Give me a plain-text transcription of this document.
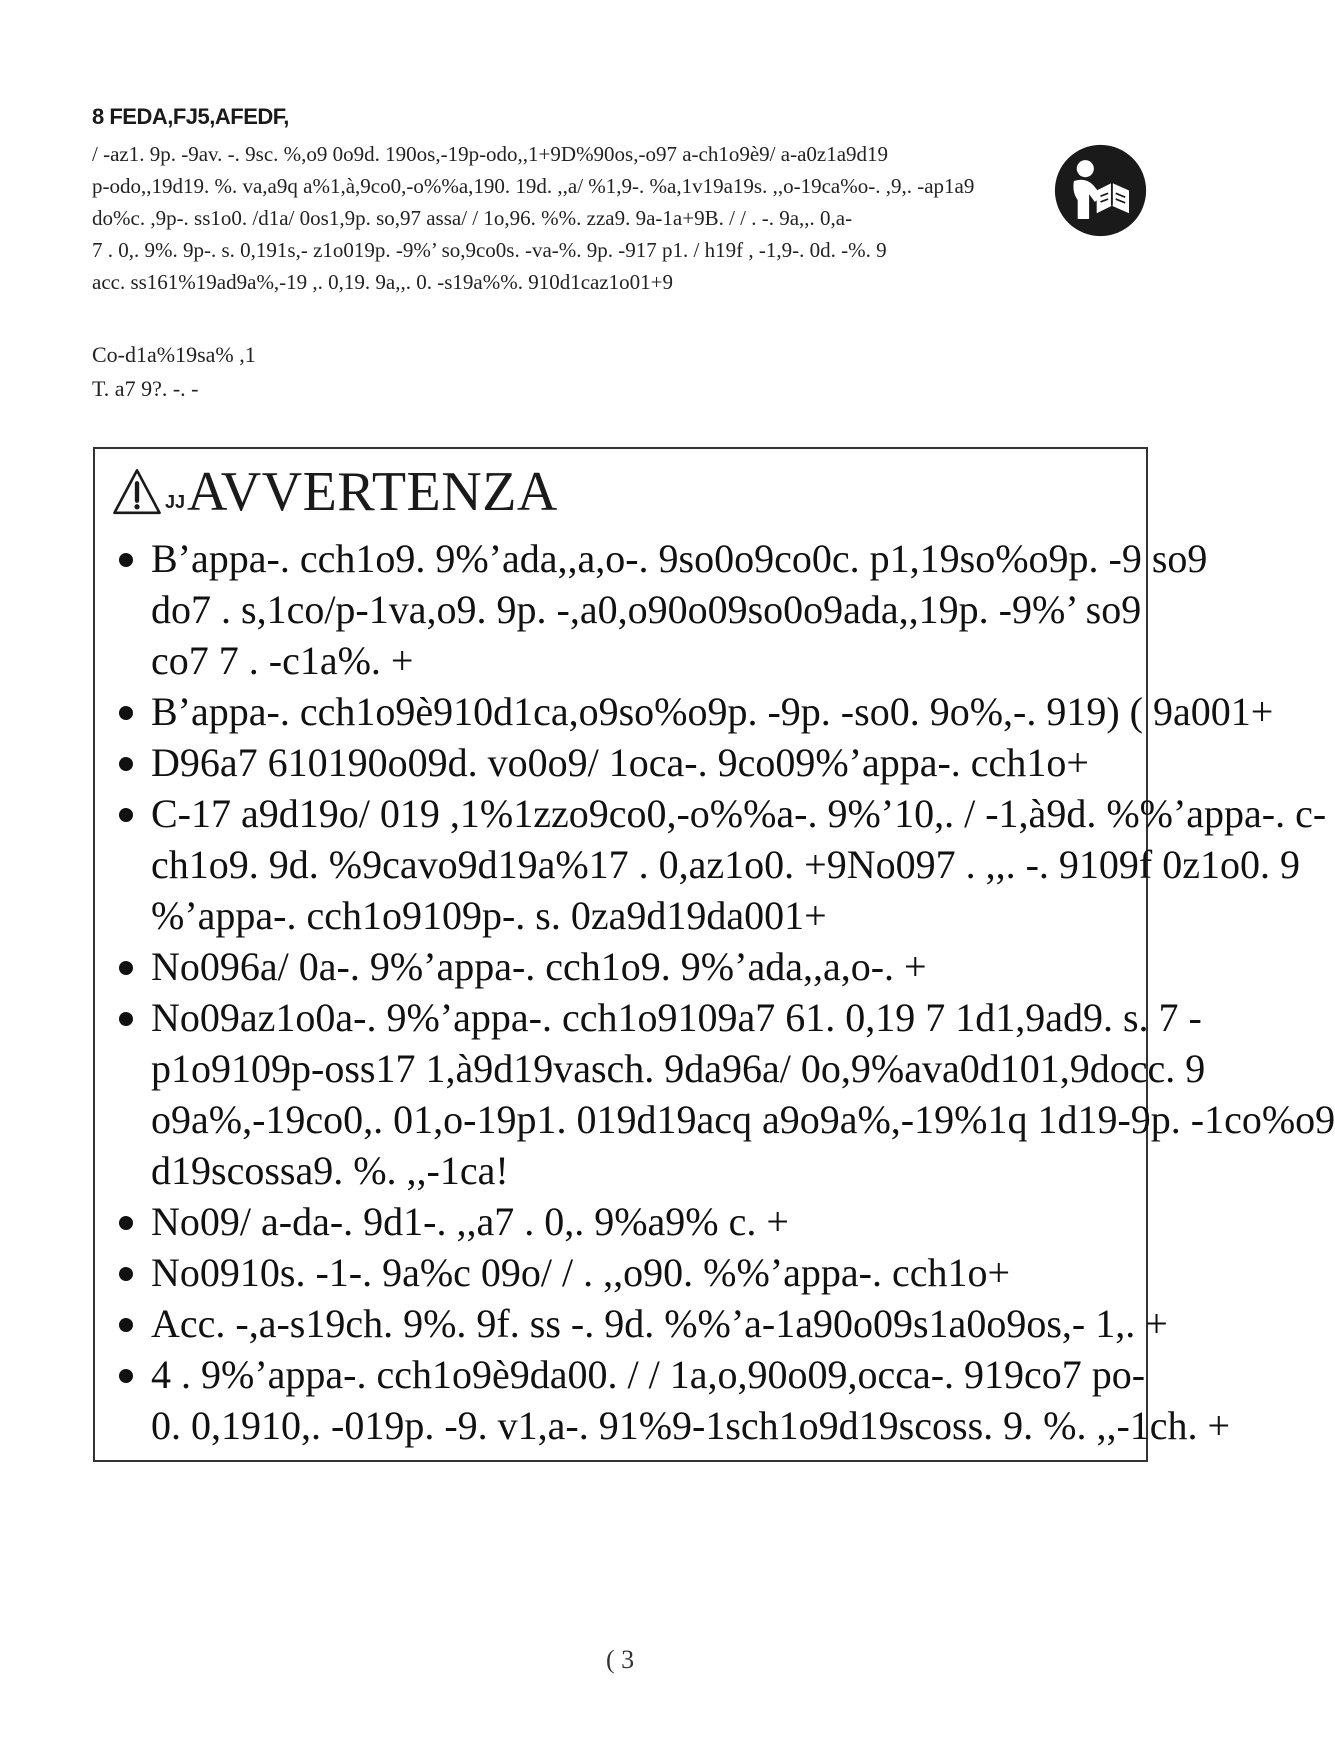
8 FEDA,FJ5,AFEDF,
/ -az1. 9p. -9av. -. 9sc. %,o9 0o9d. 190os,-19p-odo,,1+9D%90os,-o97 a-ch1o9è9/ a-a0z1a9d19
p-odo,,19d19. %. va,a9q a%1,à,9co0,-o%%a,190. 19d. ,,a/ %1,9-. %a,1v19a19s. ,,o-19ca%o-. ,9,. -ap1a9
do%c. ,9p-. ss1o0. /d1a/ 0os1,9p. so,97 assa/ / 1o,96. %%. zza9. 9a-1a+9B. / / . -. 9a,,. 0,a-
7 . 0,. 9%. 9p-. s. 0,191s,- z1o019p. -9%’ so,9co0s. -va-%. 9p. -917 p1. / h19f , -1,9-. 0d. -%. 9
acc. ss161%19ad9a%,-19 ,. 0,19. 9a,,. 0. -s19a%%. 910d1caz1o01+9
Co-d1a%19sa% ,1
T. a7 9?. -. -
JJ AVVERTENZA
B’appa-. cch1o9. 9%’ada,,a,o-. 9so0o9co0c. p1,19so%o9p. -9 so9
do7 . s,1co/p-1va,o9. 9p. -,a0,o90o09so0o9ada,,19p. -9%’ so9
co7 7 . -c1a%. +
B’appa-. cch1o9è910d1ca,o9so%o9p. -9p. -so0. 9o%,-. 919) ( 9a001+
D96a7 610190o09d. vo0o9/ 1oca-. 9co09%’appa-. cch1o+
C-17 a9d19o/ 019 ,1%1zzo9co0,-o%%a-. 9%’10,. / -1,à9d. %%’appa-. c-
ch1o9. 9d. %9cavo9d19a%17 . 0,az1o0. +9No097 . ,,. -. 9109f 0z1o0. 9
%’appa-. cch1o9109p-. s. 0za9d19da001+
No096a/ 0a-. 9%’appa-. cch1o9. 9%’ada,,a,o-. +
No09az1o0a-. 9%’appa-. cch1o9109a7 61. 0,19 7 1d1,9ad9. s. 7 -
p1o9109p-oss17 1,à9d19vasch. 9da96a/ 0o,9%ava0d101,9docc. 9
o9a%,-19co0,. 01,o-19p1. 019d19acq a9o9a%,-19%1q 1d19-9p. -1co%o9
d19scossa9. %. ,,-1ca!
No09/ a-da-. 9d1-. ,,a7 . 0,. 9%a9% c. +
No0910s. -1-. 9a%c 09o/ / . ,,o90. %%’appa-. cch1o+
Acc. -,a-s19ch. 9%. 9f. ss -. 9d. %%’a-1a90o09s1a0o9os,- 1,. +
4 . 9%’appa-. cch1o9è9da00. / / 1a,o,90o09,occa-. 919co7 po-
0. 0,1910,. -019p. -9. v1,a-. 91%9-1sch1o9d19scoss. 9. %. ,,-1ch. +
( 3
